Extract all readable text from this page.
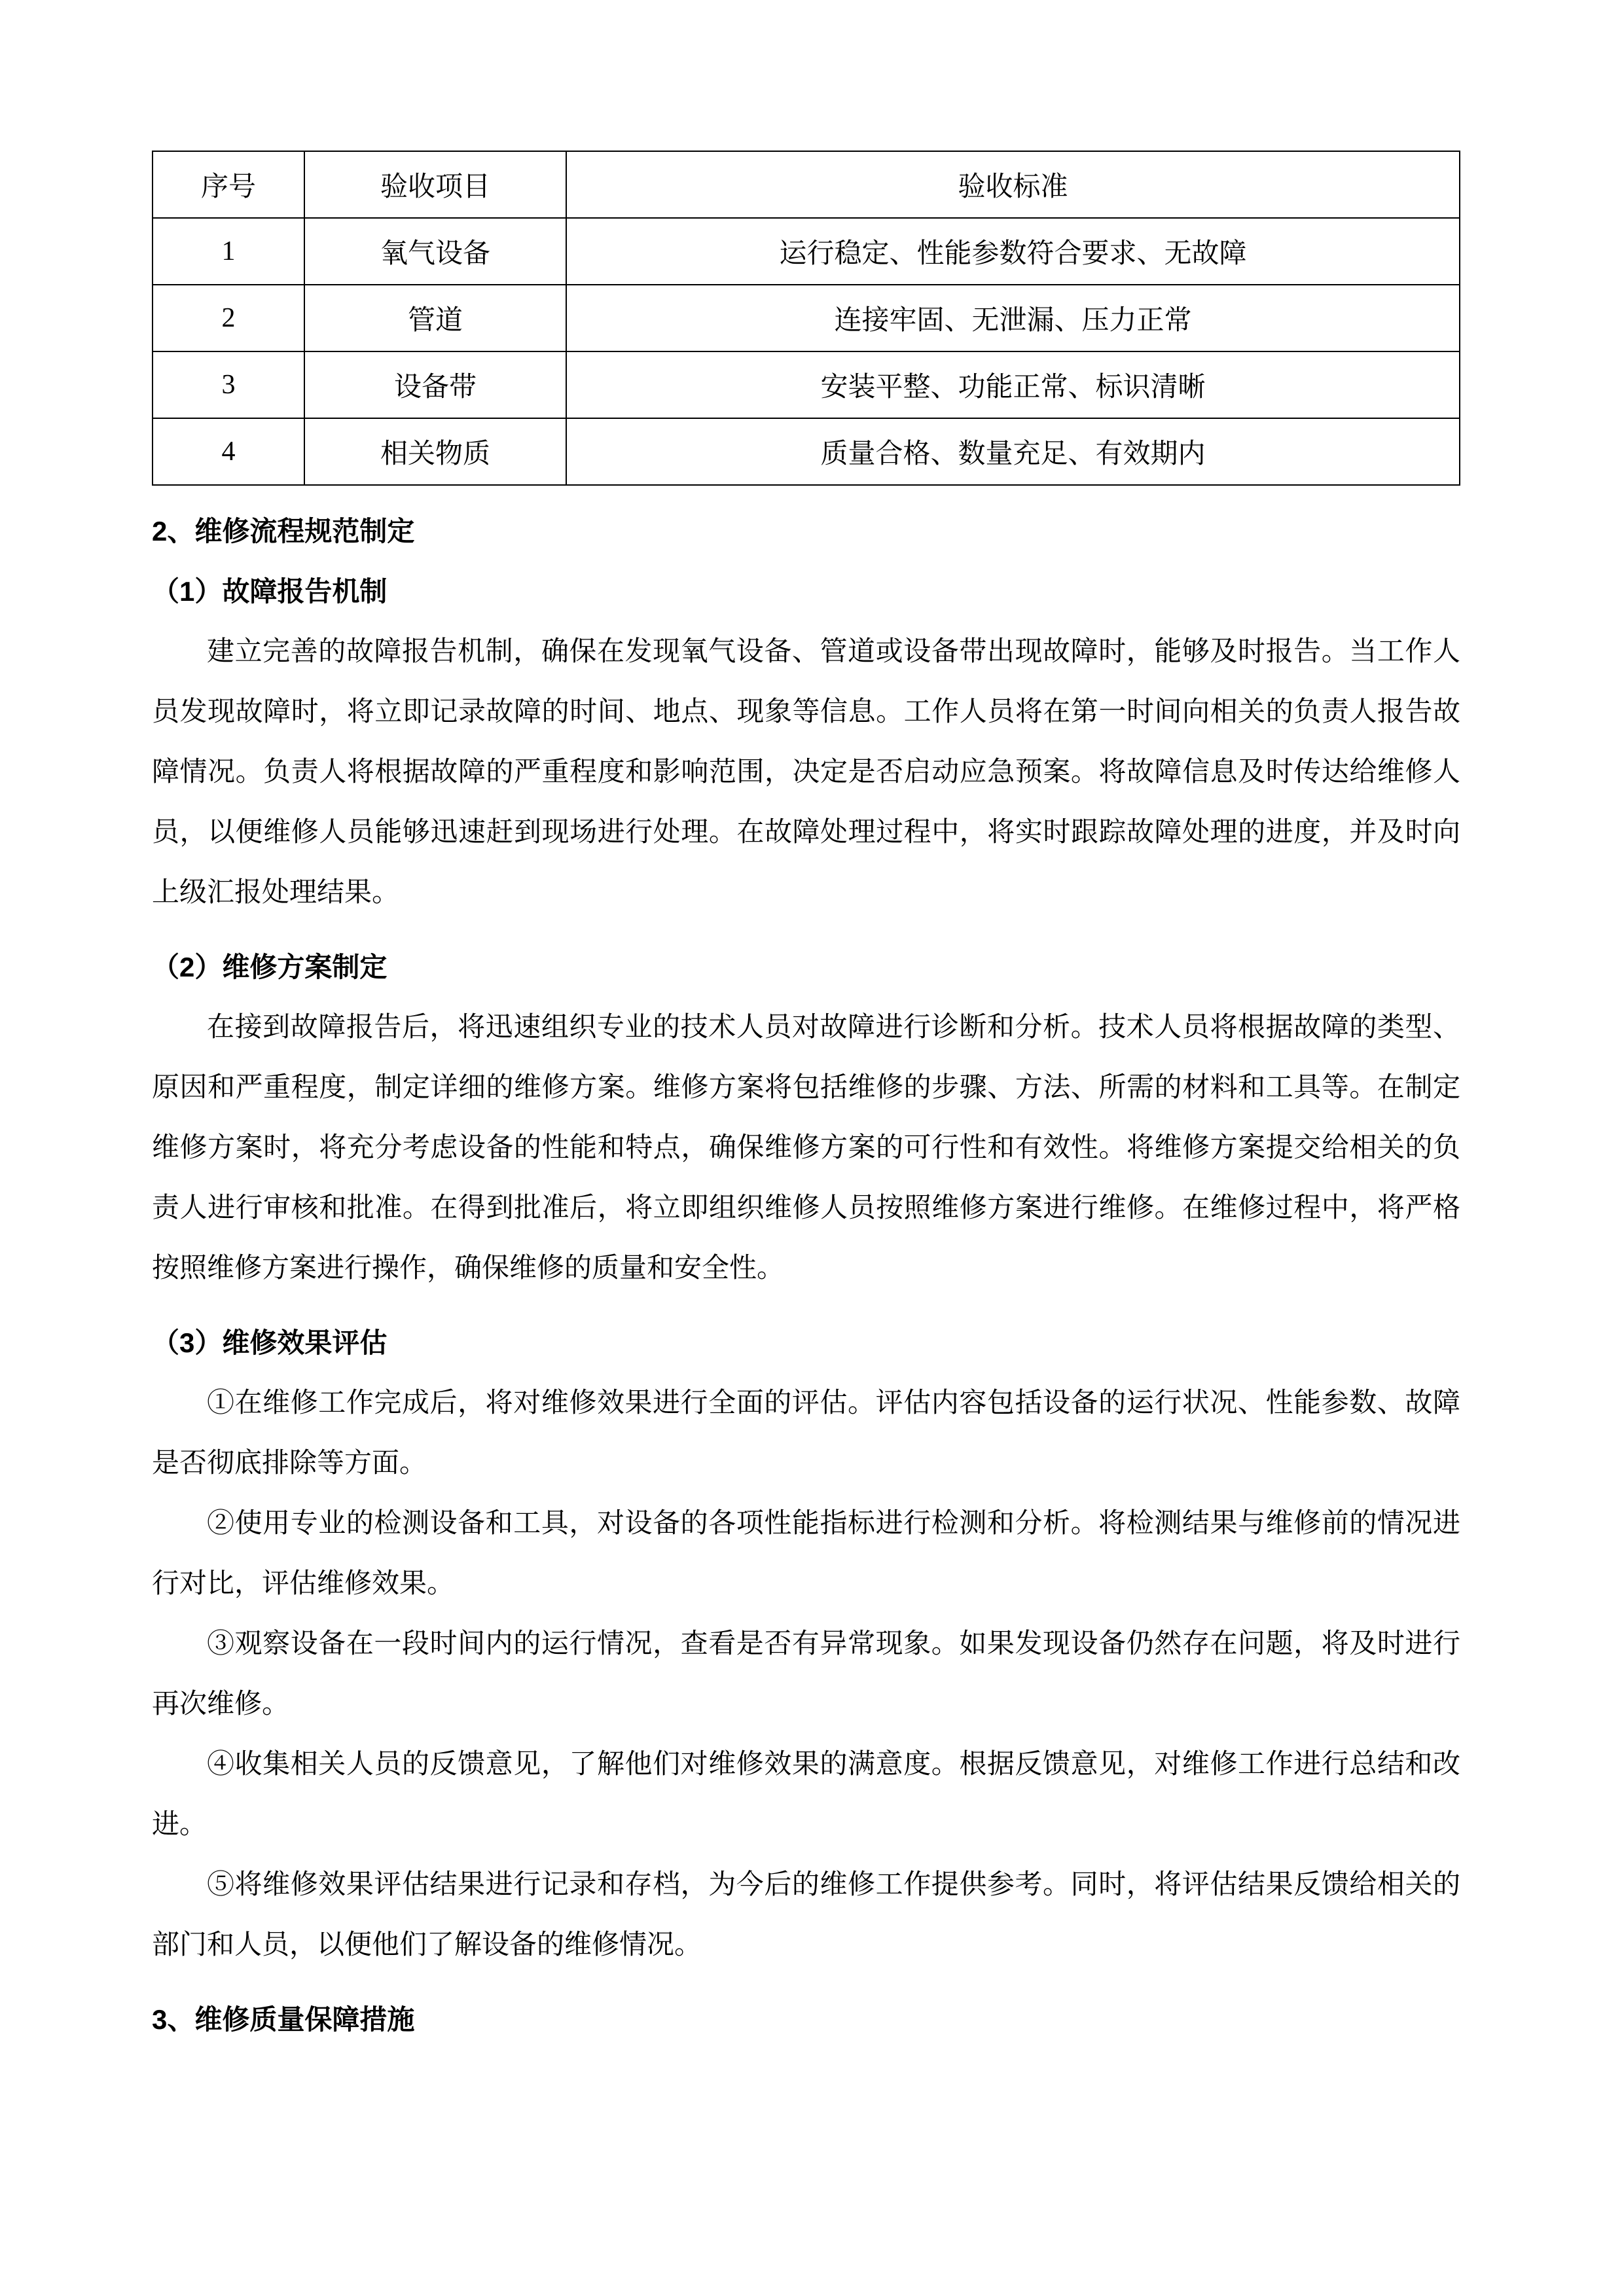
序号	验收项目	验收标准
1	氧气设备	运行稳定、性能参数符合要求、无故障
2	管道	连接牢固、无泄漏、压力正常
3	设备带	安装平整、功能正常、标识清晰
4	相关物质	质量合格、数量充足、有效期内
2、维修流程规范制定
（1）故障报告机制

建立完善的故障报告机制，确保在发现氧气设备、管道或设备带出现故障时，能够及时报告。当工作人员发现故障时，将立即记录故障的时间、地点、现象等信息。工作人员将在第一时间向相关的负责人报告故障情况。负责人将根据故障的严重程度和影响范围，决定是否启动应急预案。将故障信息及时传达给维修人员，以便维修人员能够迅速赶到现场进行处理。在故障处理过程中，将实时跟踪故障处理的进度，并及时向上级汇报处理结果。

（2）维修方案制定

在接到故障报告后，将迅速组织专业的技术人员对故障进行诊断和分析。技术人员将根据故障的类型、原因和严重程度，制定详细的维修方案。维修方案将包括维修的步骤、方法、所需的材料和工具等。在制定维修方案时，将充分考虑设备的性能和特点，确保维修方案的可行性和有效性。将维修方案提交给相关的负责人进行审核和批准。在得到批准后，将立即组织维修人员按照维修方案进行维修。在维修过程中，将严格按照维修方案进行操作，确保维修的质量和安全性。

（3）维修效果评估

①在维修工作完成后，将对维修效果进行全面的评估。评估内容包括设备的运行状况、性能参数、故障是否彻底排除等方面。

②使用专业的检测设备和工具，对设备的各项性能指标进行检测和分析。将检测结果与维修前的情况进行对比，评估维修效果。

③观察设备在一段时间内的运行情况，查看是否有异常现象。如果发现设备仍然存在问题，将及时进行再次维修。

④收集相关人员的反馈意见，了解他们对维修效果的满意度。根据反馈意见，对维修工作进行总结和改进。

⑤将维修效果评估结果进行记录和存档，为今后的维修工作提供参考。同时，将评估结果反馈给相关的部门和人员，以便他们了解设备的维修情况。

3、维修质量保障措施
